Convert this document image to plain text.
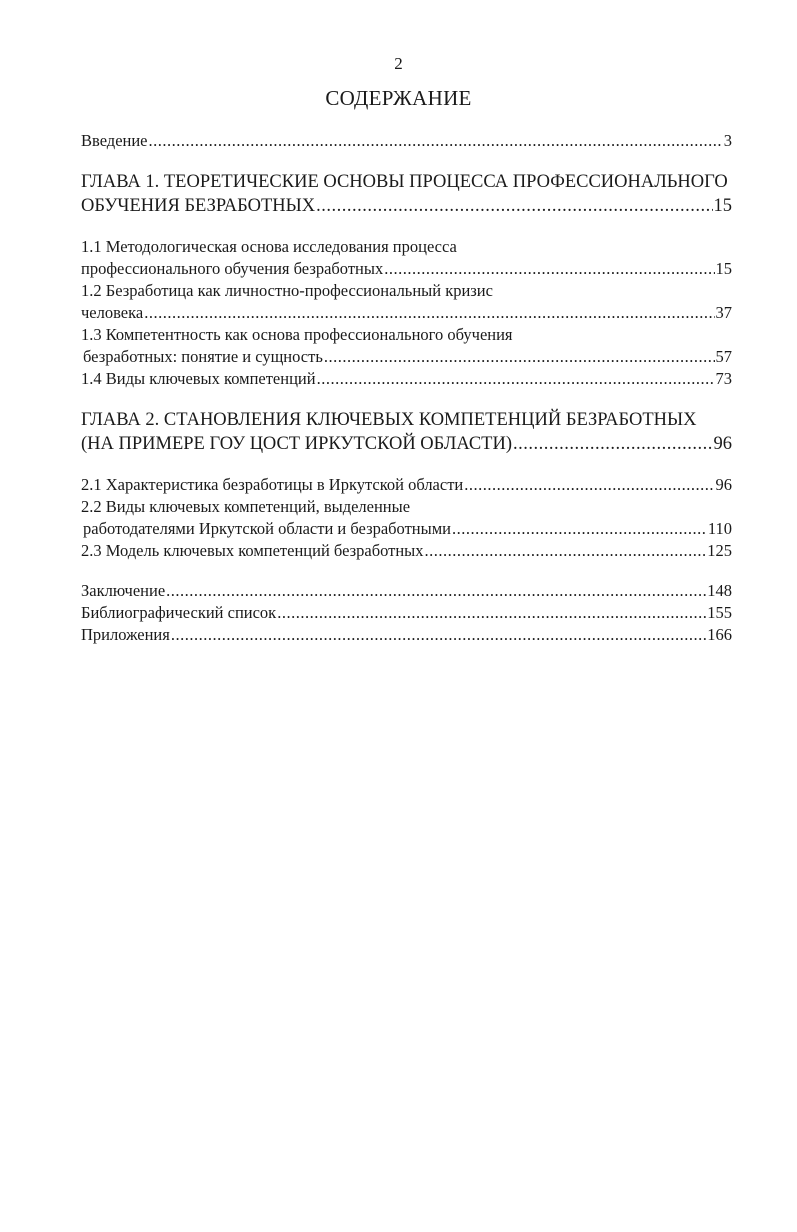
2
СОДЕРЖАНИЕ
Введение .....	3
ГЛАВА 1. ТЕОРЕТИЧЕСКИЕ ОСНОВЫ ПРОЦЕССА ПРОФЕССИОНАЛЬНОГО
ОБУЧЕНИЯ БЕЗРАБОТНЫХ .....	15
1.1 Методологическая основа исследования процесса
профессионального обучения безработных .....	15
1.2 Безработица как личностно-профессиональный кризис
человека .....	37
1.3 Компетентность как основа профессионального обучения
безработных: понятие и сущность .....	57
1.4 Виды ключевых компетенций .....	73
ГЛАВА 2. СТАНОВЛЕНИЯ КЛЮЧЕВЫХ КОМПЕТЕНЦИЙ БЕЗРАБОТНЫХ
(НА ПРИМЕРЕ ГОУ ЦОСТ ИРКУТСКОЙ ОБЛАСТИ) .....	96
2.1 Характеристика безработицы в Иркутской области .....	96
2.2 Виды ключевых компетенций, выделенные
работодателями Иркутской области и безработными .....	110
2.3 Модель ключевых компетенций безработных .....	125
Заключение .....	148
Библиографический список .....	155
Приложения .....	166
